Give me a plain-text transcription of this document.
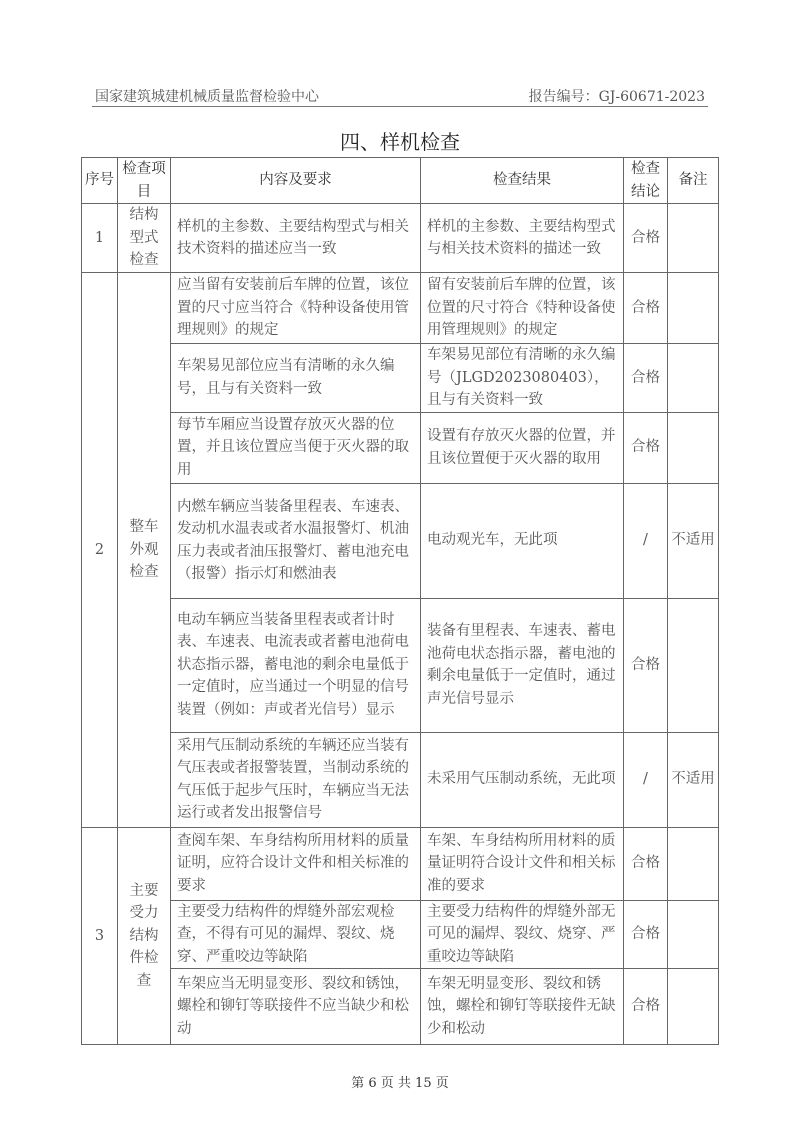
国家建筑城建机械质量监督检验中心	报告编号：GJ-60671-2023
四、样机检查
序号	检查项目	内容及要求	检查结果	检查结论	备注
1	结构型式检查	样机的主参数、主要结构型式与相关技术资料的描述应当一致	样机的主参数、主要结构型式与相关技术资料的描述一致	合格	
2	整车外观检查	应当留有安装前后车牌的位置，该位置的尺寸应当符合《特种设备使用管理规则》的规定	留有安装前后车牌的位置，该位置的尺寸符合《特种设备使用管理规则》的规定	合格	
		车架易见部位应当有清晰的永久编号，且与有关资料一致	车架易见部位有清晰的永久编号（JLGD2023080403），且与有关资料一致	合格	
		每节车厢应当设置存放灭火器的位置，并且该位置应当便于灭火器的取用	设置有存放灭火器的位置，并且该位置便于灭火器的取用	合格	
		内燃车辆应当装备里程表、车速表、发动机水温表或者水温报警灯、机油压力表或者油压报警灯、蓄电池充电（报警）指示灯和燃油表	电动观光车，无此项	/	不适用
		电动车辆应当装备里程表或者计时表、车速表、电流表或者蓄电池荷电状态指示器，蓄电池的剩余电量低于一定值时，应当通过一个明显的信号装置（例如：声或者光信号）显示	装备有里程表、车速表、蓄电池荷电状态指示器，蓄电池的剩余电量低于一定值时，通过声光信号显示	合格	
		采用气压制动系统的车辆还应当装有气压表或者报警装置，当制动系统的气压低于起步气压时，车辆应当无法运行或者发出报警信号	未采用气压制动系统，无此项	/	不适用
3	主要受力结构件检查	查阅车架、车身结构所用材料的质量证明，应符合设计文件和相关标准的要求	车架、车身结构所用材料的质量证明符合设计文件和相关标准的要求	合格	
		主要受力结构件的焊缝外部宏观检查，不得有可见的漏焊、裂纹、烧穿、严重咬边等缺陷	主要受力结构件的焊缝外部无可见的漏焊、裂纹、烧穿、严重咬边等缺陷	合格	
		车架应当无明显变形、裂纹和锈蚀，螺栓和铆钉等联接件不应当缺少和松动	车架无明显变形、裂纹和锈蚀，螺栓和铆钉等联接件无缺少和松动	合格	
第 6 页 共 15 页
